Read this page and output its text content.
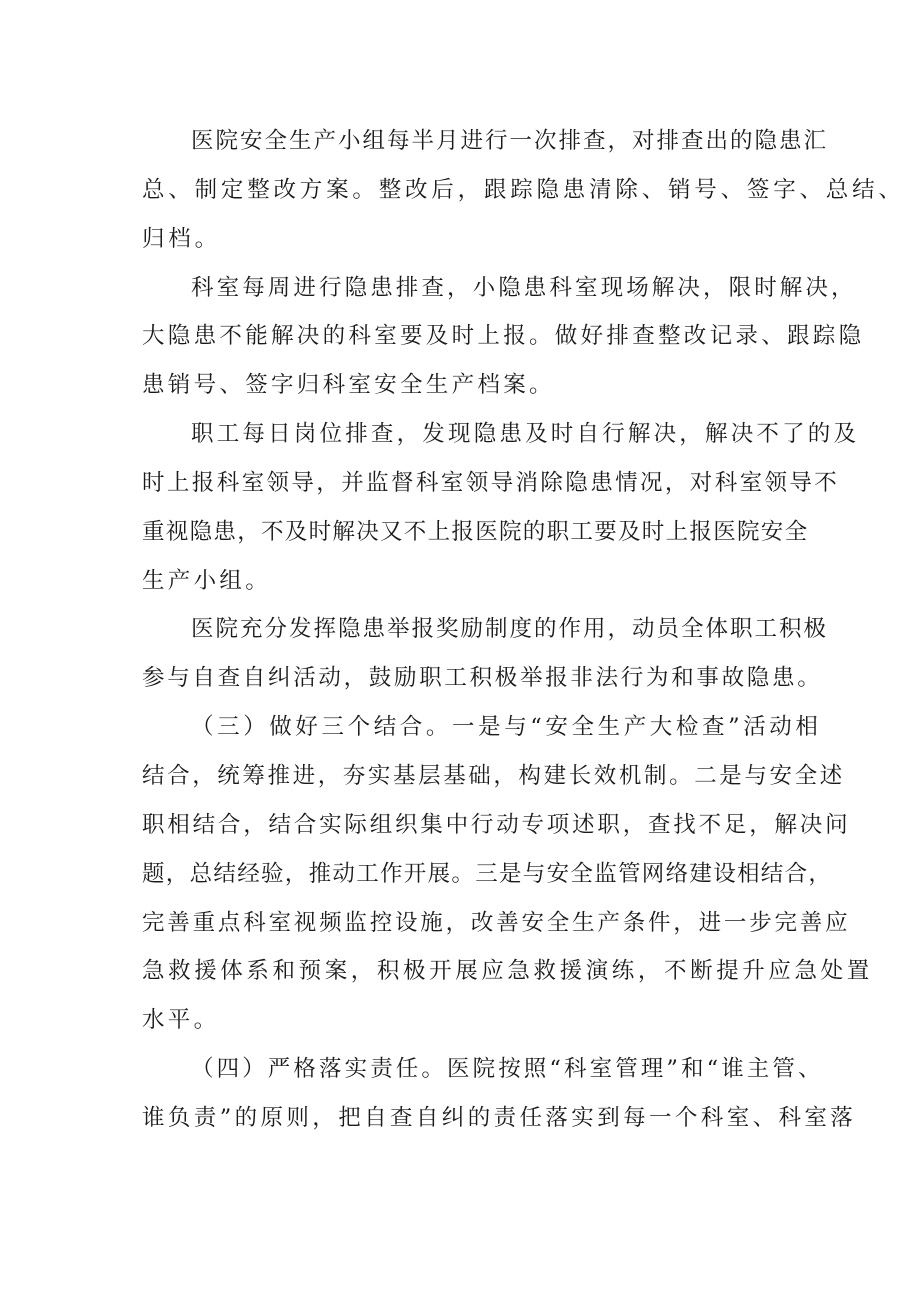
医院安全生产小组每半月进行一次排查，对排查出的隐患汇
总、制定整改方案。整改后，跟踪隐患清除、销号、签字、总结、
归档。
科室每周进行隐患排查，小隐患科室现场解决，限时解决，
大隐患不能解决的科室要及时上报。做好排查整改记录、跟踪隐
患销号、签字归科室安全生产档案。
职工每日岗位排查，发现隐患及时自行解决，解决不了的及
时上报科室领导，并监督科室领导消除隐患情况，对科室领导不
重视隐患，不及时解决又不上报医院的职工要及时上报医院安全
生产小组。
医院充分发挥隐患举报奖励制度的作用，动员全体职工积极
参与自查自纠活动，鼓励职工积极举报非法行为和事故隐患。
（三）做好三个结合。一是与“安全生产大检查”活动相
结合，统筹推进，夯实基层基础，构建长效机制。二是与安全述
职相结合，结合实际组织集中行动专项述职，查找不足，解决问
题，总结经验，推动工作开展。三是与安全监管网络建设相结合，
完善重点科室视频监控设施，改善安全生产条件，进一步完善应
急救援体系和预案，积极开展应急救援演练，不断提升应急处置
水平。
（四）严格落实责任。医院按照“科室管理”和“谁主管、
谁负责”的原则，把自查自纠的责任落实到每一个科室、科室落
